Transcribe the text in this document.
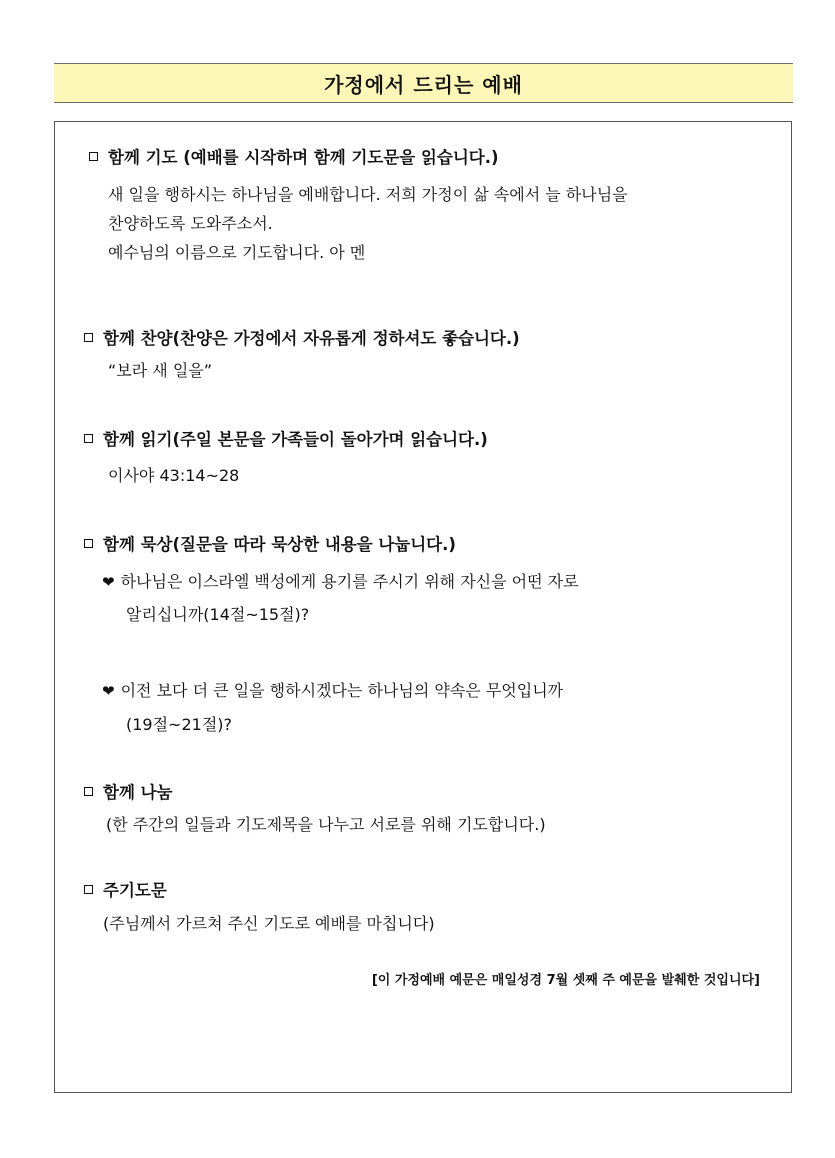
가정에서 드리는 예배
함께 기도 (예배를 시작하며 함께 기도문을 읽습니다.)
새 일을 행하시는 하나님을 예배합니다. 저희 가정이 삶 속에서 늘 하나님을
찬양하도록 도와주소서.
예수님의 이름으로 기도합니다. 아 멘
함께 찬양(찬양은 가정에서 자유롭게 정하셔도 좋습니다.)
“보라 새 일을”
함께 읽기(주일 본문을 가족들이 돌아가며 읽습니다.)
이사야 43:14~28
함께 묵상(질문을 따라 묵상한 내용을 나눕니다.)
❤ 하나님은 이스라엘 백성에게 용기를 주시기 위해 자신을 어떤 자로
알리십니까(14절~15절)?
❤ 이전 보다 더 큰 일을 행하시겠다는 하나님의 약속은 무엇입니까
(19절~21절)?
함께 나눔
(한 주간의 일들과 기도제목을 나누고 서로를 위해 기도합니다.)
주기도문
(주님께서 가르쳐 주신 기도로 예배를 마칩니다)
[이 가정예배 예문은 매일성경 7월 셋째 주 예문을 발췌한 것입니다]
